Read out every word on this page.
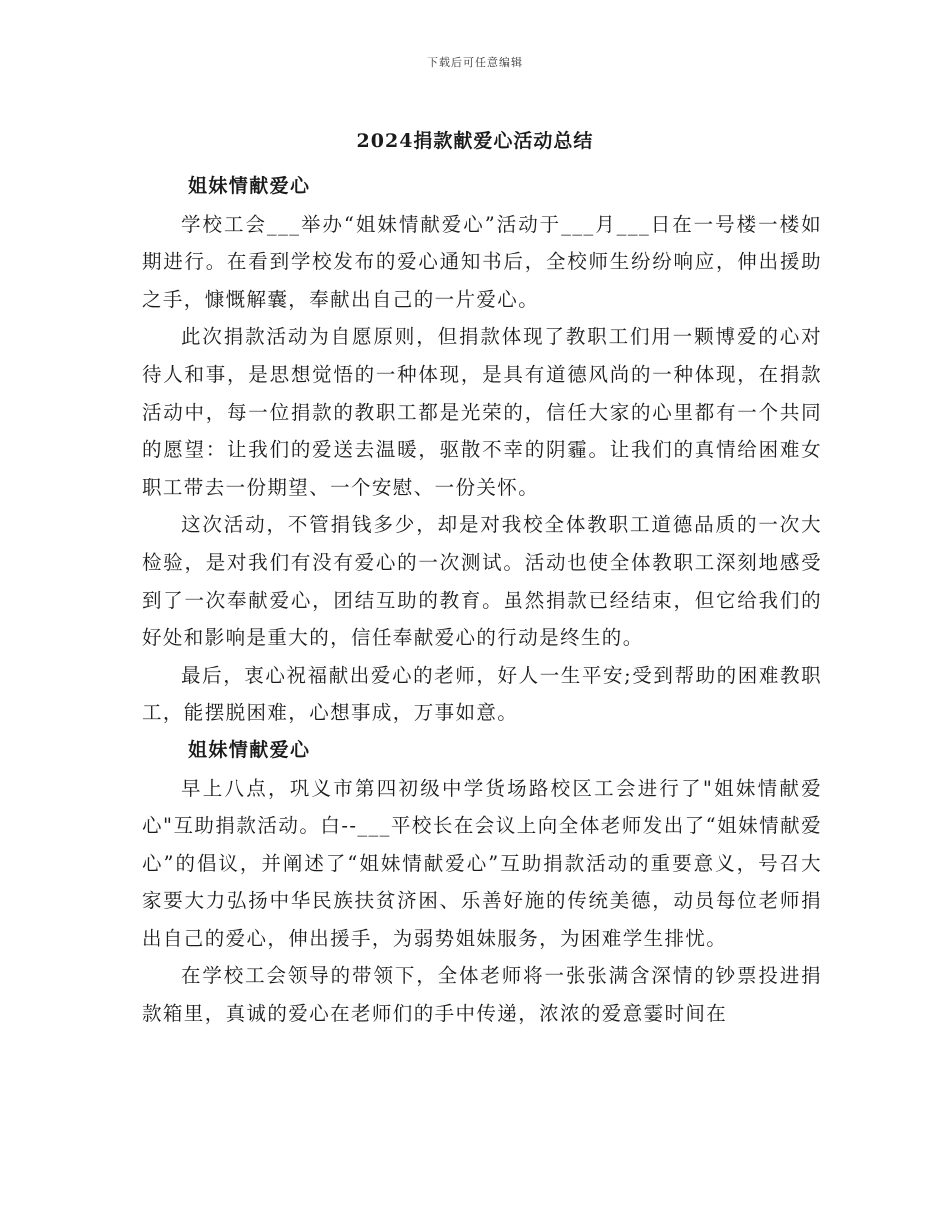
下载后可任意编辑
2024捐款献爱心活动总结

姐妹情献爱心

学校工会___举办“姐妹情献爱心”活动于___月___日在一号楼一楼如期进行。在看到学校发布的爱心通知书后，全校师生纷纷响应，伸出援助之手，慷慨解囊，奉献出自己的一片爱心。

此次捐款活动为自愿原则，但捐款体现了教职工们用一颗博爱的心对待人和事，是思想觉悟的一种体现，是具有道德风尚的一种体现，在捐款活动中，每一位捐款的教职工都是光荣的，信任大家的心里都有一个共同的愿望：让我们的爱送去温暖，驱散不幸的阴霾。让我们的真情给困难女职工带去一份期望、一个安慰、一份关怀。

这次活动，不管捐钱多少，却是对我校全体教职工道德品质的一次大检验，是对我们有没有爱心的一次测试。活动也使全体教职工深刻地感受到了一次奉献爱心，团结互助的教育。虽然捐款已经结束，但它给我们的好处和影响是重大的，信任奉献爱心的行动是终生的。

最后，衷心祝福献出爱心的老师，好人一生平安;受到帮助的困难教职工，能摆脱困难，心想事成，万事如意。

姐妹情献爱心

早上八点，巩义市第四初级中学货场路校区工会进行了"姐妹情献爱心"互助捐款活动。白--___平校长在会议上向全体老师发出了“姐妹情献爱心”的倡议，并阐述了“姐妹情献爱心”互助捐款活动的重要意义，号召大家要大力弘扬中华民族扶贫济困、乐善好施的传统美德，动员每位老师捐出自己的爱心，伸出援手，为弱势姐妹服务，为困难学生排忧。

在学校工会领导的带领下，全体老师将一张张满含深情的钞票投进捐款箱里，真诚的爱心在老师们的手中传递，浓浓的爱意霎时间在
